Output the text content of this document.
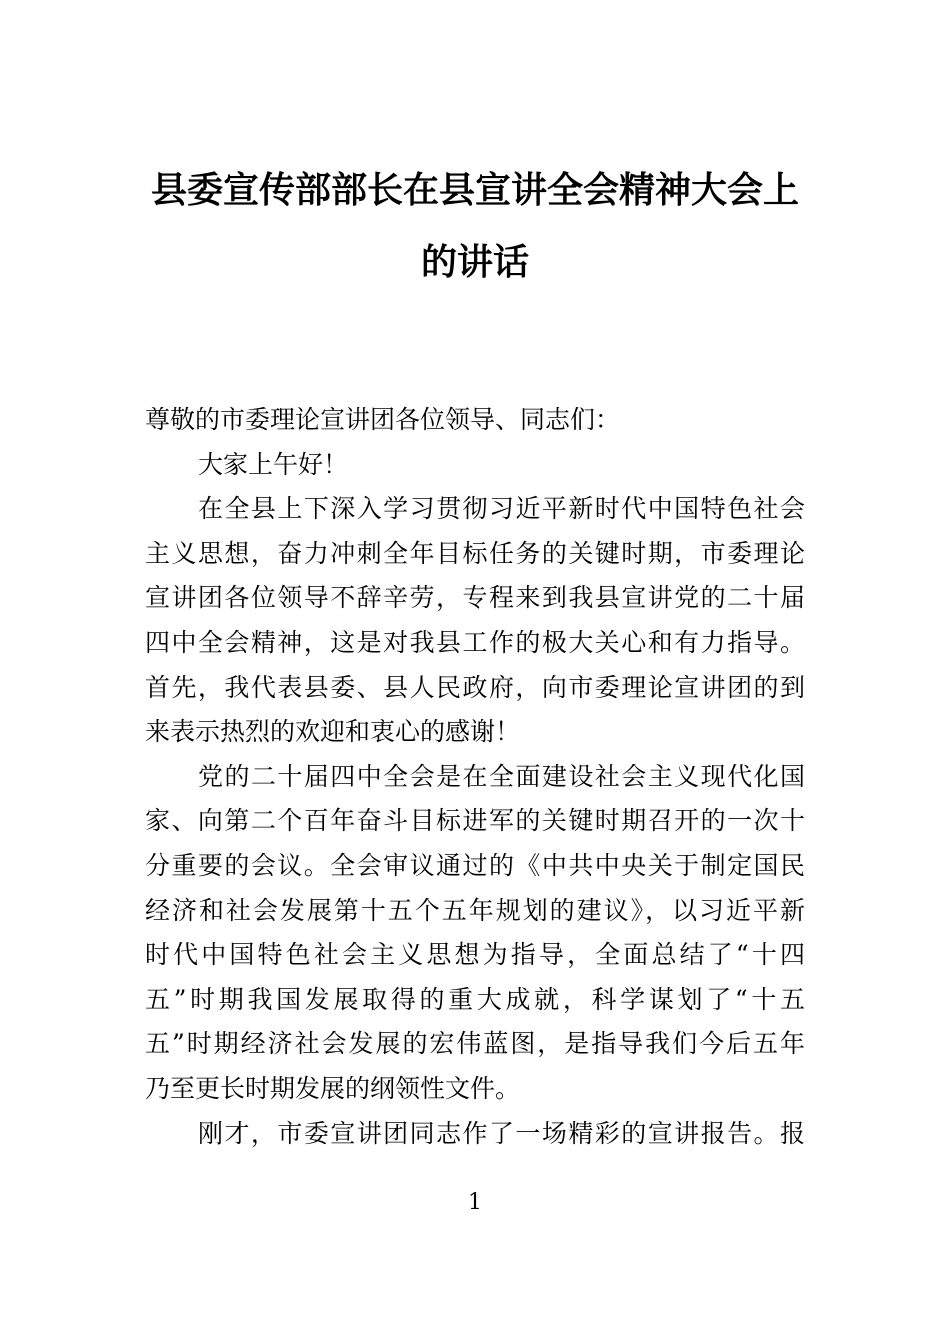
县委宣传部部长在县宣讲全会精神大会上
的讲话
尊敬的市委理论宣讲团各位领导、同志们：
大家上午好！
在全县上下深入学习贯彻习近平新时代中国特色社会
主义思想，奋力冲刺全年目标任务的关键时期，市委理论
宣讲团各位领导不辞辛劳，专程来到我县宣讲党的二十届
四中全会精神，这是对我县工作的极大关心和有力指导。
首先，我代表县委、县人民政府，向市委理论宣讲团的到
来表示热烈的欢迎和衷心的感谢！
党的二十届四中全会是在全面建设社会主义现代化国
家、向第二个百年奋斗目标进军的关键时期召开的一次十
分重要的会议。全会审议通过的《中共中央关于制定国民
经济和社会发展第十五个五年规划的建议》，以习近平新
时代中国特色社会主义思想为指导，全面总结了“十四
五”时期我国发展取得的重大成就，科学谋划了“十五
五”时期经济社会发展的宏伟蓝图，是指导我们今后五年
乃至更长时期发展的纲领性文件。
刚才，市委宣讲团同志作了一场精彩的宣讲报告。报
1
